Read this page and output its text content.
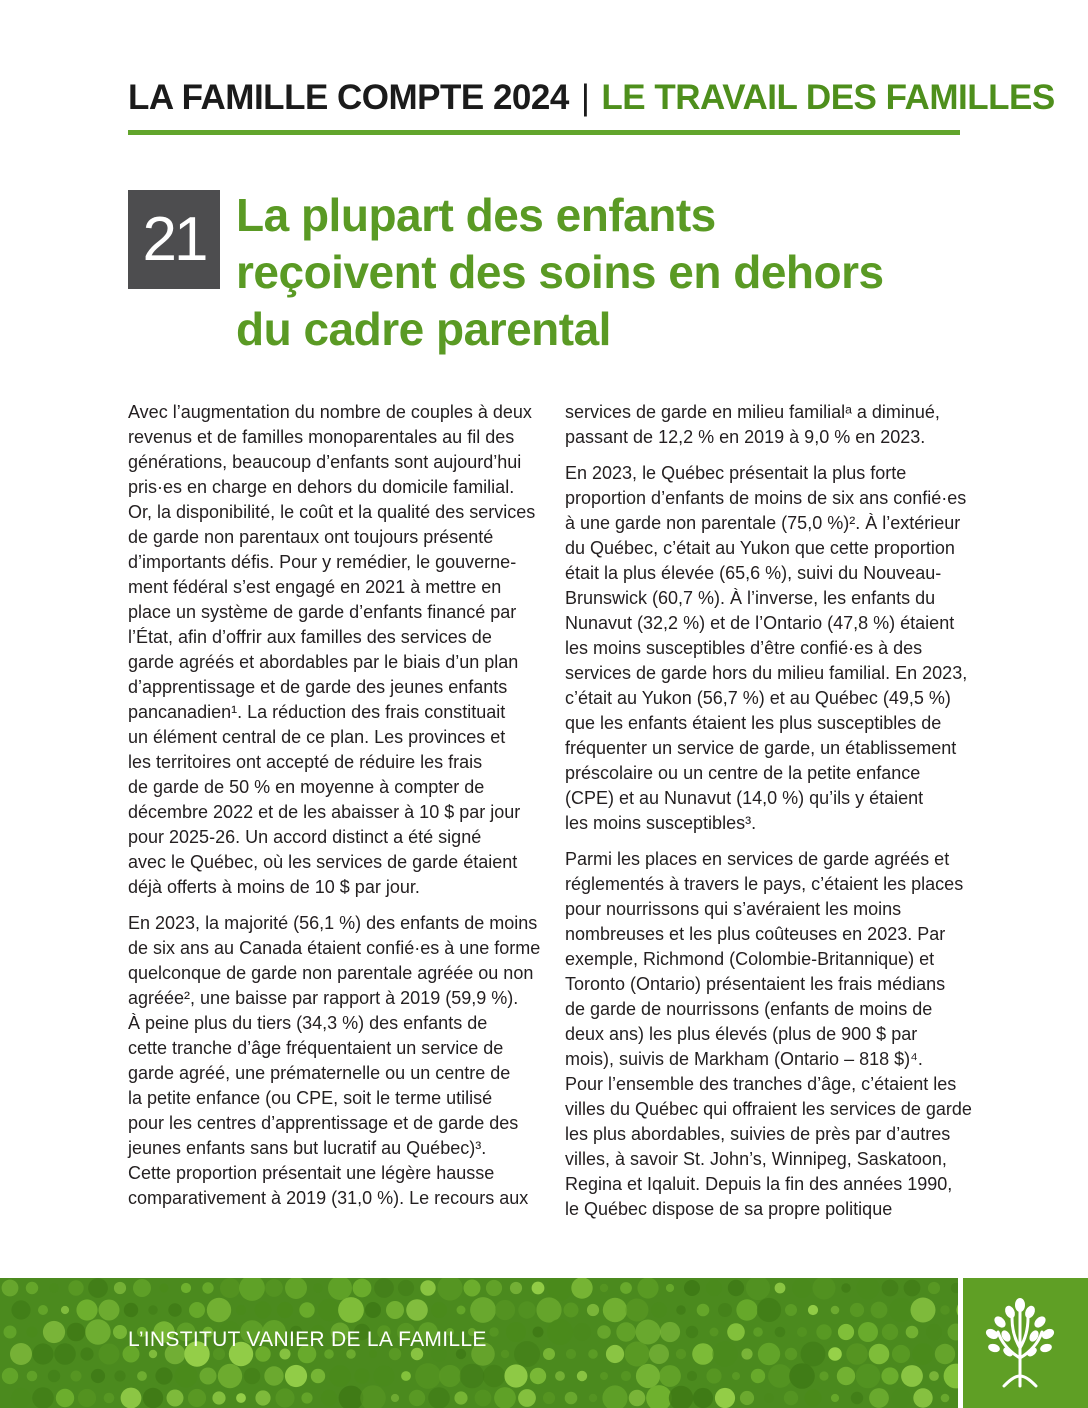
LA FAMILLE COMPTE 2024 | LE TRAVAIL DES FAMILLES
21 La plupart des enfants
reçoivent des soins en dehors
du cadre parental
Avec l’augmentation du nombre de couples à deux
revenus et de familles monoparentales au fil des
générations, beaucoup d’enfants sont aujourd’hui
pris·es en charge en dehors du domicile familial.
Or, la disponibilité, le coût et la qualité des services
de garde non parentaux ont toujours présenté
d’importants défis. Pour y remédier, le gouverne-
ment fédéral s’est engagé en 2021 à mettre en
place un système de garde d’enfants financé par
l’État, afin d’offrir aux familles des services de
garde agréés et abordables par le biais d’un plan
d’apprentissage et de garde des jeunes enfants
pancanadien¹. La réduction des frais constituait
un élément central de ce plan. Les provinces et
les territoires ont accepté de réduire les frais
de garde de 50 % en moyenne à compter de
décembre 2022 et de les abaisser à 10 $ par jour
pour 2025-26. Un accord distinct a été signé
avec le Québec, où les services de garde étaient
déjà offerts à moins de 10 $ par jour.
En 2023, la majorité (56,1 %) des enfants de moins
de six ans au Canada étaient confié·es à une forme
quelconque de garde non parentale agréée ou non
agréée², une baisse par rapport à 2019 (59,9 %).
À peine plus du tiers (34,3 %) des enfants de
cette tranche d’âge fréquentaient un service de
garde agréé, une prématernelle ou un centre de
la petite enfance (ou CPE, soit le terme utilisé
pour les centres d’apprentissage et de garde des
jeunes enfants sans but lucratif au Québec)³.
Cette proportion présentait une légère hausse
comparativement à 2019 (31,0 %). Le recours aux
services de garde en milieu familialᵃ a diminué,
passant de 12,2 % en 2019 à 9,0 % en 2023.
En 2023, le Québec présentait la plus forte
proportion d’enfants de moins de six ans confié·es
à une garde non parentale (75,0 %)². À l’extérieur
du Québec, c’était au Yukon que cette proportion
était la plus élevée (65,6 %), suivi du Nouveau-
Brunswick (60,7 %). À l’inverse, les enfants du
Nunavut (32,2 %) et de l’Ontario (47,8 %) étaient
les moins susceptibles d’être confié·es à des
services de garde hors du milieu familial. En 2023,
c’était au Yukon (56,7 %) et au Québec (49,5 %)
que les enfants étaient les plus susceptibles de
fréquenter un service de garde, un établissement
préscolaire ou un centre de la petite enfance
(CPE) et au Nunavut (14,0 %) qu’ils y étaient
les moins susceptibles³.
Parmi les places en services de garde agréés et
réglementés à travers le pays, c’étaient les places
pour nourrissons qui s’avéraient les moins
nombreuses et les plus coûteuses en 2023. Par
exemple, Richmond (Colombie-Britannique) et
Toronto (Ontario) présentaient les frais médians
de garde de nourrissons (enfants de moins de
deux ans) les plus élevés (plus de 900 $ par
mois), suivis de Markham (Ontario – 818 $)⁴.
Pour l’ensemble des tranches d’âge, c’étaient les
villes du Québec qui offraient les services de garde
les plus abordables, suivies de près par d’autres
villes, à savoir St. John’s, Winnipeg, Saskatoon,
Regina et Iqaluit. Depuis la fin des années 1990,
le Québec dispose de sa propre politique
L’INSTITUT VANIER DE LA FAMILLE
